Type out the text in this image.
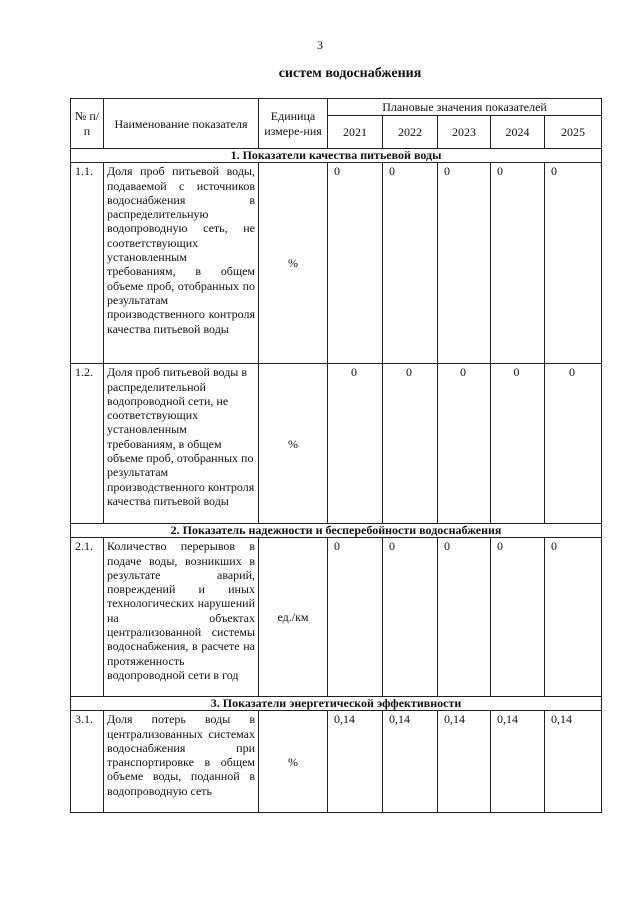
3
систем водоснабжения
№ п/п	Наименование показателя	Единица измере-ния	Плановые значения показателей				
			2021	2022	2023	2024	2025
1. Показатели качества питьевой воды							
1.1.	Доля проб питьевой воды, подаваемой с источников водоснабжения в распределительную водопроводную сеть, не соответствующих установленным требованиям, в общем объеме проб, отобранных по результатам производственного контроля качества питьевой воды	%	0	0	0	0	0
1.2.	Доля проб питьевой воды в распределительной водопроводной сети, не соответствующих установленным требованиям, в общем объеме проб, отобранных по результатам производственного контроля качества питьевой воды	%	0	0	0	0	0
2. Показатель надежности и бесперебойности водоснабжения							
2.1.	Количество перерывов в подаче воды, возникших в результате аварий, повреждений и иных технологических нарушений на объектах централизованной системы водоснабжения, в расчете на протяженность водопроводной сети в год	ед./км	0	0	0	0	0
3. Показатели энергетической эффективности							
3.1.	Доля потерь воды в централизованных системах водоснабжения при транспортировке в общем объеме воды, поданной в водопроводную сеть	%	0,14	0,14	0,14	0,14	0,14
